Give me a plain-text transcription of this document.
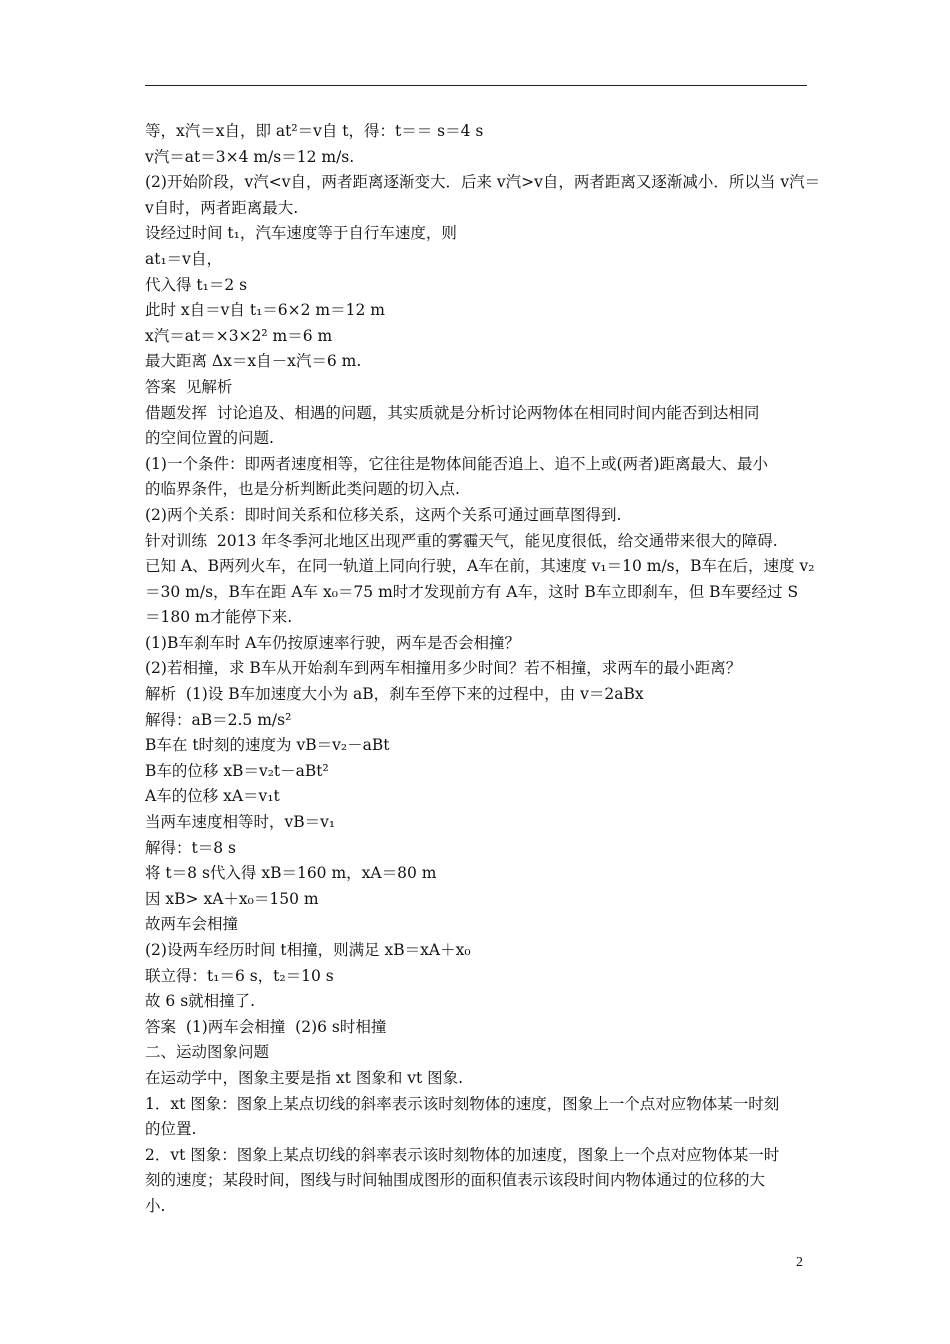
等，x汽＝x自，即 at²＝v自 t，得：t＝＝ s＝4 s
v汽＝at＝3×4 m/s＝12 m/s.
(2)开始阶段，v汽<v自，两者距离逐渐变大．后来 v汽>v自，两者距离又逐渐减小．所以当 v汽＝
v自时，两者距离最大.
设经过时间 t₁，汽车速度等于自行车速度，则
at₁＝v自，
代入得 t₁＝2 s
此时 x自＝v自 t₁＝6×2 m＝12 m
x汽＝at＝×3×2² m＝6 m
最大距离 Δx＝x自－x汽＝6 m.
答案  见解析
借题发挥  讨论追及、相遇的问题，其实质就是分析讨论两物体在相同时间内能否到达相同
的空间位置的问题.
(1)一个条件：即两者速度相等，它往往是物体间能否追上、追不上或(两者)距离最大、最小
的临界条件，也是分析判断此类问题的切入点.
(2)两个关系：即时间关系和位移关系，这两个关系可通过画草图得到.
针对训练  2013 年冬季河北地区出现严重的雾霾天气，能见度很低，给交通带来很大的障碍.
已知 A、B两列火车，在同一轨道上同向行驶，A车在前，其速度 v₁＝10 m/s，B车在后，速度 v₂
＝30 m/s，B车在距 A车 x₀＝75 m时才发现前方有 A车，这时 B车立即刹车，但 B车要经过 S
＝180 m才能停下来.
(1)B车刹车时 A车仍按原速率行驶，两车是否会相撞？
(2)若相撞，求 B车从开始刹车到两车相撞用多少时间？若不相撞，求两车的最小距离？
解析  (1)设 B车加速度大小为 aB，刹车至停下来的过程中，由 v＝2aBx
解得：aB＝2.5 m/s²
B车在 t时刻的速度为 vB＝v₂－aBt
B车的位移 xB＝v₂t－aBt²
A车的位移 xA＝v₁t
当两车速度相等时，vB＝v₁
解得：t＝8 s
将 t＝8 s代入得 xB＝160 m，xA＝80 m
因 xB> xA＋x₀＝150 m
故两车会相撞
(2)设两车经历时间 t相撞，则满足 xB＝xA＋x₀
联立得：t₁＝6 s，t₂＝10 s
故 6 s就相撞了.
答案  (1)两车会相撞  (2)6 s时相撞
二、运动图象问题
在运动学中，图象主要是指 xt 图象和 vt 图象.
1．xt 图象：图象上某点切线的斜率表示该时刻物体的速度，图象上一个点对应物体某一时刻
的位置.
2．vt 图象：图象上某点切线的斜率表示该时刻物体的加速度，图象上一个点对应物体某一时
刻的速度；某段时间，图线与时间轴围成图形的面积值表示该段时间内物体通过的位移的大
小.
2
